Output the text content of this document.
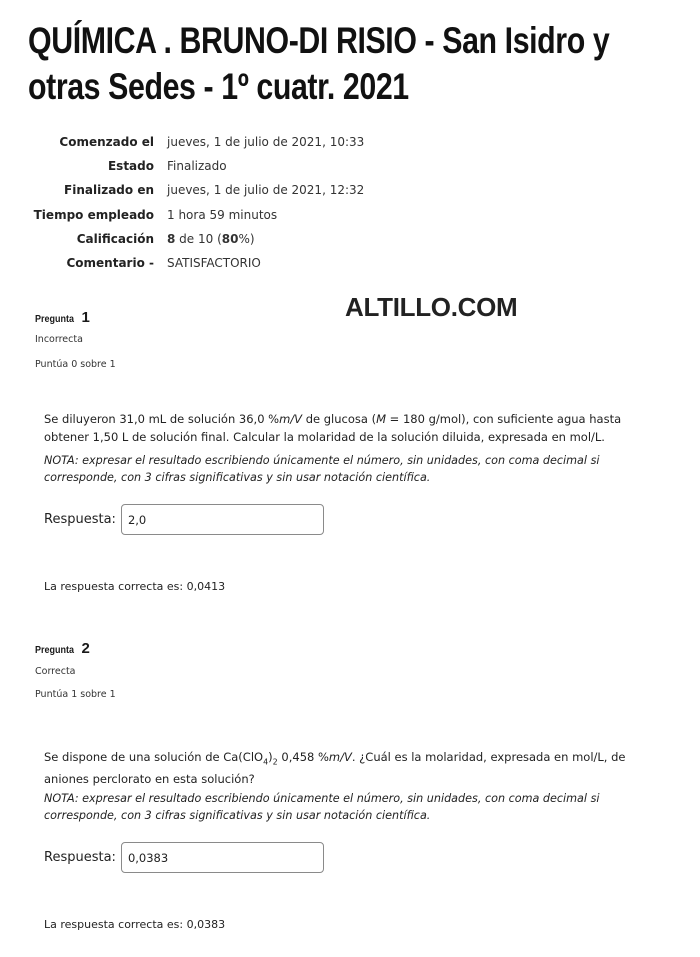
QUÍMICA . BRUNO-DI RISIO - San Isidro y
otras Sedes - 1º cuatr. 2021
Comenzado el	jueves, 1 de julio de 2021, 10:33
Estado	Finalizado
Finalizado en	jueves, 1 de julio de 2021, 12:32
Tiempo empleado	1 hora 59 minutos
Calificación	8 de 10 (80%)
Comentario -	SATISFACTORIO
ALTILLO.COM
Pregunta 1
Incorrecta
Puntúa 0 sobre 1
Se diluyeron 31,0 mL de solución 36,0 %m/V de glucosa (M = 180 g/mol), con suficiente agua hasta obtener 1,50 L de solución final. Calcular la molaridad de la solución diluida, expresada en mol/L.
NOTA: expresar el resultado escribiendo únicamente el número, sin unidades, con coma decimal si corresponde, con 3 cifras significativas y sin usar notación científica.
Respuesta:	2,0
La respuesta correcta es: 0,0413
Pregunta 2
Correcta
Puntúa 1 sobre 1
Se dispone de una solución de $Ca(ClO_4)_2$ 0,458 %m/V. ¿Cuál es la molaridad, expresada en mol/L, de aniones perclorato en esta solución?
NOTA: expresar el resultado escribiendo únicamente el número, sin unidades, con coma decimal si corresponde, con 3 cifras significativas y sin usar notación científica.
Respuesta:	0,0383
La respuesta correcta es: 0,0383
